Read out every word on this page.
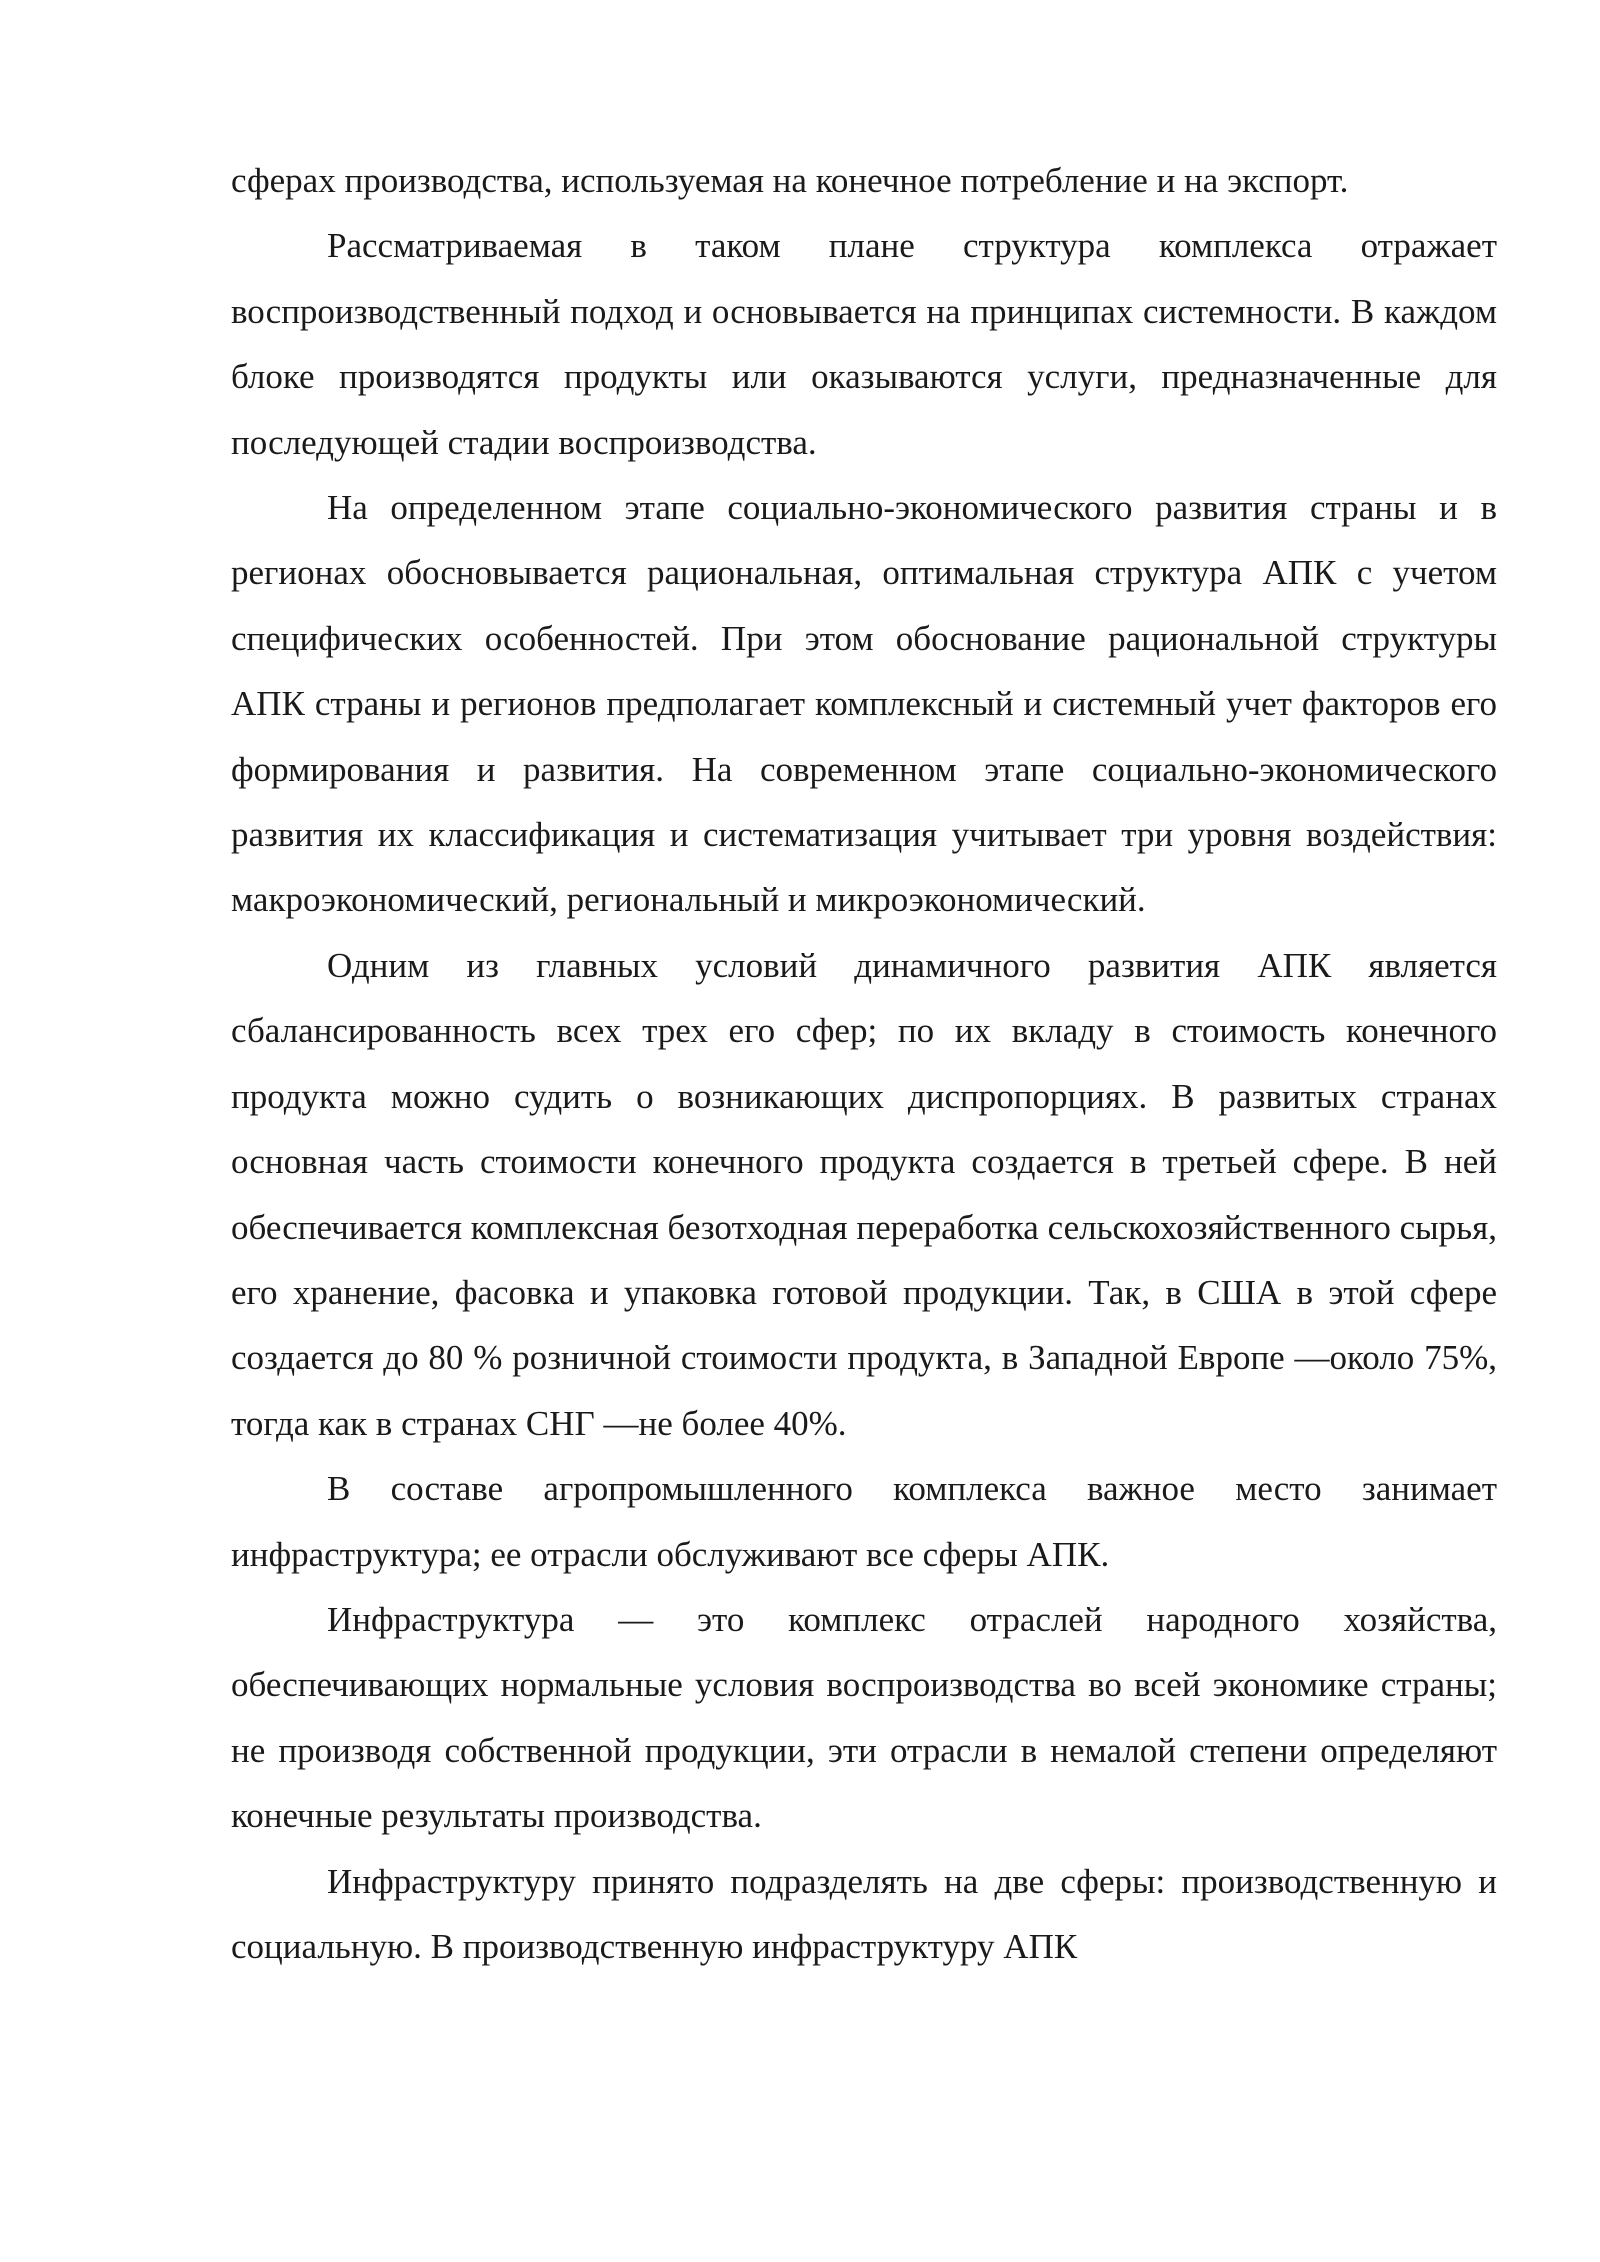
сферах производства, используемая на конечное потребление и на экспорт.

Рассматриваемая в таком плане структура комплекса отражает воспроизводственный подход и основывается на принципах системности. В каждом блоке производятся продукты или оказываются услуги, предназначенные для последующей стадии воспроизводства.

На определенном этапе социально-экономического развития страны и в регионах обосновывается рациональная, оптимальная структура АПК с учетом специфических особенностей. При этом обоснование рациональной структуры АПК страны и регионов предполагает комплексный и системный учет факторов его формирования и развития. На современном этапе социально-экономического развития их классификация и систематизация учитывает три уровня воздействия: макроэкономический, региональный и микроэкономический.

Одним из главных условий динамичного развития АПК является сбалансированность всех трех его сфер; по их вкладу в стоимость конечного продукта можно судить о возникающих диспропорциях. В развитых странах основная часть стоимости конечного продукта создается в третьей сфере. В ней обеспечивается комплексная безотходная переработка сельскохозяйственного сырья, его хранение, фасовка и упаковка готовой продукции. Так, в США в этой сфере создается до 80 % розничной стоимости продукта, в Западной Европе —около 75%, тогда как в странах СНГ —не более 40%.

В составе агропромышленного комплекса важное место занимает инфраструктура; ее отрасли обслуживают все сферы АПК.

Инфраструктура — это комплекс отраслей народного хозяйства, обеспечивающих нормальные условия воспроизводства во всей экономике страны; не производя собственной продукции, эти отрасли в немалой степени определяют конечные результаты производства.

Инфраструктуру принято подразделять на две сферы: производственную и социальную. В производственную инфраструктуру АПК
